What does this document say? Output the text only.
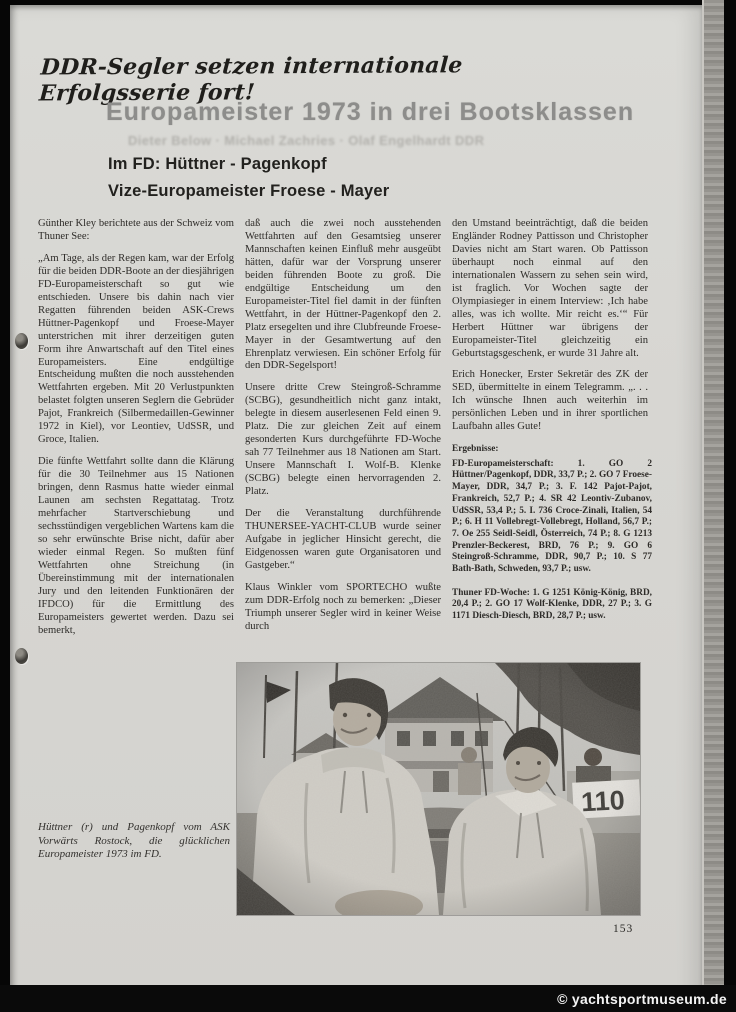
DDR-Segler setzen internationale Erfolgsserie fort!
Europameister 1973 in drei Bootsklassen
Dieter Below · Michael Zachries · Olaf Engelhardt DDR
Im FD: Hüttner - Pagenkopf
Vize-Europameister Froese - Mayer

Günther Kley berichtete aus der Schweiz vom Thuner See:

„Am Tage, als der Regen kam, war der Erfolg für die beiden DDR-Boote an der diesjährigen FD-Europameisterschaft so gut wie entschieden. Unsere bis dahin nach vier Regatten führenden beiden ASK-Crews Hüttner-Pagenkopf und Froese-Mayer unterstrichen mit ihrer derzeitigen guten Form ihre Anwartschaft auf den Titel eines Europameisters. Eine endgültige Entscheidung mußten die noch ausstehenden Wettfahrten ergeben. Mit 20 Verlustpunkten belastet folgten unseren Seglern die Gebrüder Pajot, Frankreich (Silbermedaillen-Gewinner 1972 in Kiel), vor Leontiev, UdSSR, und Groce, Italien.

Die fünfte Wettfahrt sollte dann die Klärung für die 30 Teilnehmer aus 15 Nationen bringen, denn Rasmus hatte wieder einmal Launen am sechsten Regattatag. Trotz mehrfacher Startverschiebung und sechsstündigen vergeblichen Wartens kam die so sehr erwünschte Brise nicht, dafür aber wieder einmal Regen. So mußten fünf Wettfahrten ohne Streichung (in Übereinstimmung mit der internationalen Jury und den leitenden Funktionären der IFDCO) für die Ermittlung des Europameisters gewertet werden. Dazu sei bemerkt,

daß auch die zwei noch ausstehenden Wettfahrten auf den Gesamtsieg unserer Mannschaften keinen Einfluß mehr ausgeübt hätten, dafür war der Vorsprung unserer beiden führenden Boote zu groß. Die endgültige Entscheidung um den Europameister-Titel fiel damit in der fünften Wettfahrt, in der Hüttner-Pagenkopf den 2. Platz ersegelten und ihre Clubfreunde Froese-Mayer in der Gesamtwertung auf den Ehrenplatz verwiesen. Ein schöner Erfolg für den DDR-Segelsport!

Unsere dritte Crew Steingroß-Schramme (SCBG), gesundheitlich nicht ganz intakt, belegte in diesem auserlesenen Feld einen 9. Platz. Die zur gleichen Zeit auf einem gesonderten Kurs durchgeführte FD-Woche sah 77 Teilnehmer aus 18 Nationen am Start. Unsere Mannschaft I. Wolf-B. Klenke (SCBG) belegte einen hervorragenden 2. Platz.

Der die Veranstaltung durchführende THUNERSEE-YACHT-CLUB wurde seiner Aufgabe in jeglicher Hinsicht gerecht, die Eidgenossen waren gute Organisatoren und Gastgeber.“

Klaus Winkler vom SPORTECHO wußte zum DDR-Erfolg noch zu bemerken: „Dieser Triumph unserer Segler wird in keiner Weise durch

den Umstand beeinträchtigt, daß die beiden Engländer Rodney Pattisson und Christopher Davies nicht am Start waren. Ob Pattisson überhaupt noch einmal auf den internationalen Wassern zu sehen sein wird, ist fraglich. Vor Wochen sagte der Olympiasieger in einem Interview: ‚Ich habe alles, was ich wollte. Mir reicht es.‘“ Für Herbert Hüttner war übrigens der Europameister-Titel gleichzeitig ein Geburtstagsgeschenk, er wurde 31 Jahre alt.

Erich Honecker, Erster Sekretär des ZK der SED, übermittelte in einem Telegramm. „. . . Ich wünsche Ihnen auch weiterhin im persönlichen Leben und in ihrer sportlichen Laufbahn alles Gute!

Ergebnisse:

FD-Europameisterschaft: 1. GO 2 Hüttner/Pagenkopf, DDR, 33,7 P.; 2. GO 7 Froese-Mayer, DDR, 34,7 P.; 3. F. 142 Pajot-Pajot, Frankreich, 52,7 P.; 4. SR 42 Leontiv-Zubanov, UdSSR, 53,4 P.; 5. I. 736 Croce-Zinali, Italien, 54 P.; 6. H 11 Vollebregt-Vollebregt, Holland, 56,7 P.; 7. Oe 255 Seidl-Seidl, Österreich, 74 P.; 8. G 1213 Prenzler-Beckerest, BRD, 76 P.; 9. GO 6 Steingroß-Schramme, DDR, 90,7 P.; 10. S 77 Bath-Bath, Schweden, 93,7 P.; usw.

Thuner FD-Woche: 1. G 1251 König-König, BRD, 20,4 P.; 2. GO 17 Wolf-Klenke, DDR, 27 P.; 3. G 1171 Diesch-Diesch, BRD, 28,7 P.; usw.

Hüttner (r) und Pagenkopf vom ASK Vorwärts Rostock, die glücklichen Europameister 1973 im FD.
153
© yachtsportmuseum.de
